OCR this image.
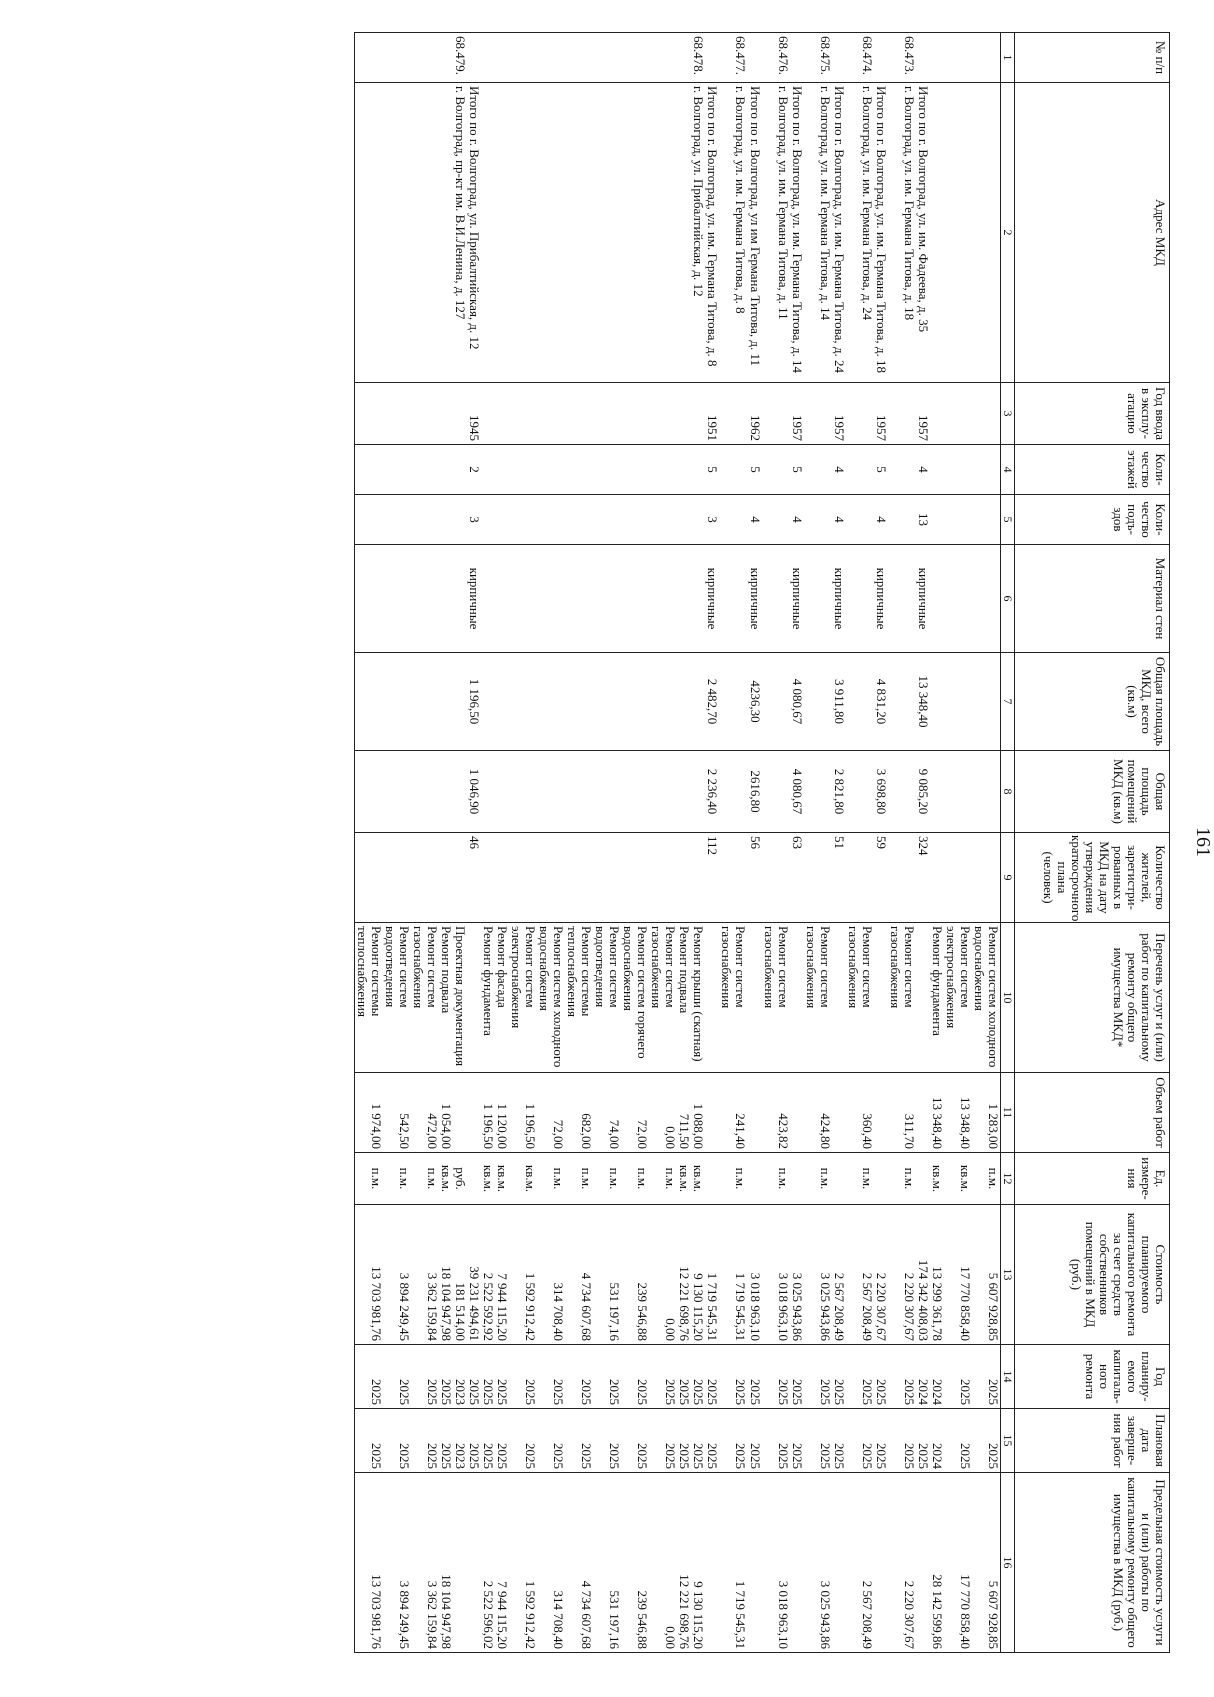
161
№ п/п	Адрес МКД	Год ввода в эксплу-атацию	Коли-чество этажей	Коли-чество подъ-здов	Материал стен	Общая площадь МКД, всего (кв.м)	Общая площадь помещений МКД (кв.м)	Количество жителей, зарегистри-рованных в МКД на дату утверждения краткосрочного плана (человек)	Перечень услуг и (или) работ по капитальному ремонту общего имущества МКД*	Объем работ	Ед. измере-ния	Стоимость планируемого капитального ремонта за счет средств собственников помещений в МКД (руб.)	Год планиру-емого капиталь-ного ремонта	Плановая дата заверше-ния работ	Предельная стоимость услуги и (или) работы по капитальному ремонту общего имущества в МКД (руб.)
1	2	3	4	5	6	7	8	9	10	11	12	13	14	15	16
									Ремонт систем холодного водоснабжения	1 283,00	п.м.	5 607 928,85	2025	2025	5 607 928,85
									Ремонт систем электроснабжения	13 348,40	кв.м.	17 770 858,40	2025	2025	17 770 858,40
									Ремонт фундамента	13 348,40	кв.м.	13 299 361,78	2024	2024	28 142 599,86
	Итого по г. Волгоград, ул. им. Фадеева, д. 35	1957	4	13	кирпичные	13 348,40	9 085,20	324				174 342 408,03	2024	2025	
68.473.	г. Волгоград, ул. им. Германа Титова, д. 18								Ремонт систем газоснабжения	311,70	п.м.	2 220 307,67	2025	2025	2 220 307,67
	Итого по г. Волгоград, ул. им. Германа Титова, д. 18	1957	5	4	кирпичные	4 831,20	3 698,80	59				2 220 307,67	2025	2025	
68.474.	г. Волгоград, ул. им. Германа Титова, д. 24								Ремонт систем газоснабжения	360,40	п.м.	2 567 208,49	2025	2025	2 567 208,49
	Итого по г. Волгоград, ул. им. Германа Титова, д. 24	1957	4	4	кирпичные	3 911,80	2 821,80	51				2 567 208,49	2025	2025	
68.475.	г. Волгоград, ул. им. Германа Титова, д. 14								Ремонт систем газоснабжения	424,80	п.м.	3 025 943,86	2025	2025	3 025 943,86
	Итого по г. Волгоград, ул. им. Германа Титова, д. 14	1957	5	4	кирпичные	4 080,67	4 080,67	63				3 025 943,86	2025	2025	
68.476.	г. Волгоград, ул. им. Германа Титова, д. 11								Ремонт систем газоснабжения	423,82	п.м.	3 018 963,10	2025	2025	3 018 963,10
	Итого по г. Волгоград, ул им Германа Титова, д. 11	1962	5	4	кирпичные	4236,30	2616,80	56				3 018 963,10	2025	2025	
68.477.	г. Волгоград, ул. им. Германа Титова, д. 8								Ремонт систем газоснабжения	241,40	п.м.	1 719 545,31	2025	2025	1 719 545,31
	Итого по г. Волгоград, ул. им. Германа Титова, д. 8	1951	5	3	кирпичные	2 482,70	2 236,40	112				1 719 545,31	2025	2025	
68.478.	г. Волгоград, ул. Прибалтийская, д. 12								Ремонт крыши (скатная)	1 088,00	кв.м.	9 130 115,20	2025	2025	9 130 115,20
									Ремонт подвала	711,50	кв.м.	12 221 698,76	2025	2025	12 221 698,76
									Ремонт систем газоснабжения	0,00	п.м.	0,00	2025	2025	0,00
									Ремонт систем горячего водоснабжения	72,00	п.м.	239 546,88	2025	2025	239 546,88
									Ремонт систем водоотведения	74,00	п.м.	531 197,16	2025	2025	531 197,16
									Ремонт системы теплоснабжения	682,00	п.м.	4 734 607,68	2025	2025	4 734 607,68
									Ремонт систем холодного водоснабжения	72,00	п.м.	314 708,40	2025	2025	314 708,40
									Ремонт систем электроснабжения	1 196,50	кв.м.	1 592 912,42	2025	2025	1 592 912,42
									Ремонт фасада	1 120,00	кв.м.	7 944 115,20	2025	2025	7 944 115,20
									Ремонт фундамента	1 196,50	кв.м.	2 522 592,92	2025	2025	2 522 596,02
	Итого по г. Волгоград, ул. Прибалтийская, д. 12	1945	2	3	кирпичные	1 196,50	1 046,90	46				39 231 494,61	2025	2025	
68.479.	г. Волгоград, пр-кт им. В.И.Ленина, д. 127								Проектная документация		руб.	181 514,00	2023	2023	
									Ремонт подвала	1 054,00	кв.м.	18 104 947,98	2025	2025	18 104 947,98
									Ремонт систем газоснабжения	472,00	п.м.	3 362 159,84	2025	2025	3 362 159,84
									Ремонт систем водоотведения	542,50	п.м.	3 894 249,45	2025	2025	3 894 249,45
									Ремонт системы теплоснабжения	1 974,00	п.м.	13 703 981,76	2025	2025	13 703 981,76
